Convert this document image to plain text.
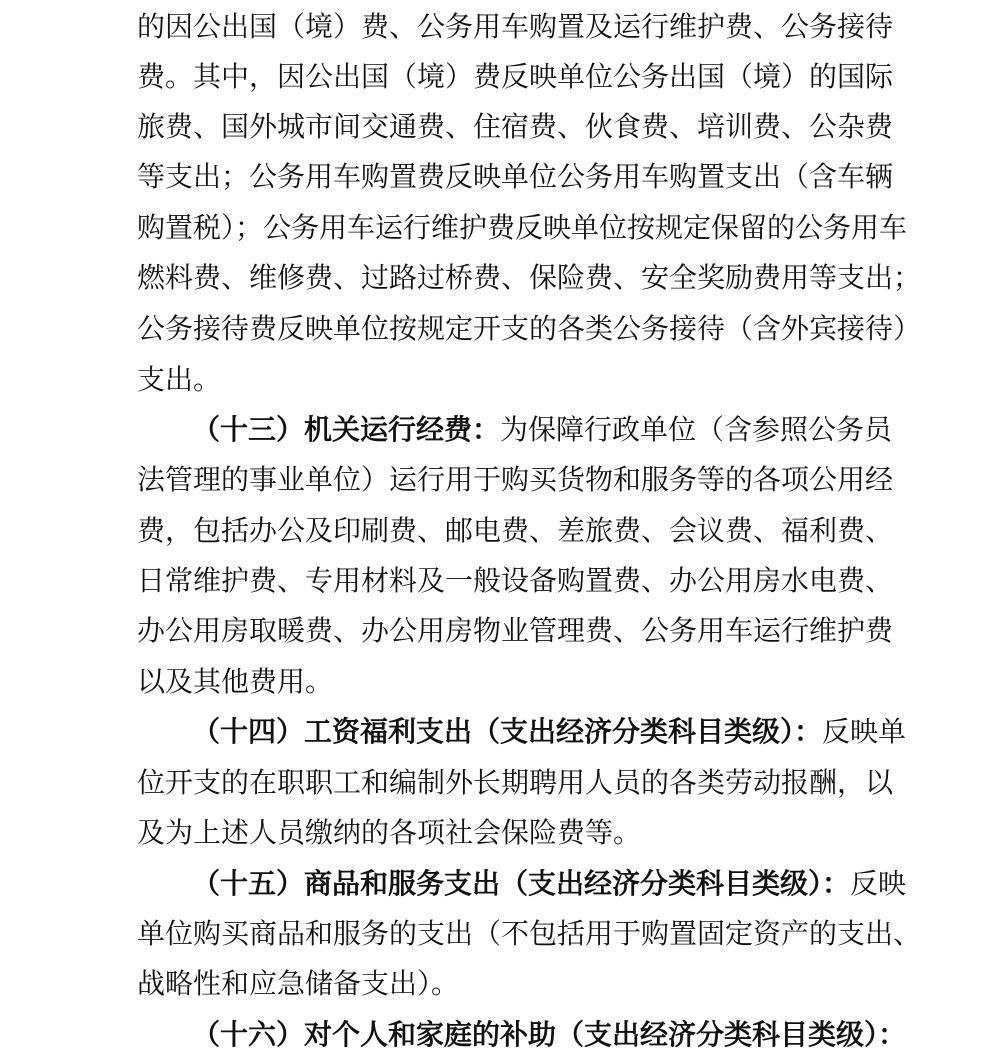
的因公出国（境）费、公务用车购置及运行维护费、公务接待

费。其中，因公出国（境）费反映单位公务出国（境）的国际

旅费、国外城市间交通费、住宿费、伙食费、培训费、公杂费

等支出；公务用车购置费反映单位公务用车购置支出（含车辆

购置税）；公务用车运行维护费反映单位按规定保留的公务用车

燃料费、维修费、过路过桥费、保险费、安全奖励费用等支出；

公务接待费反映单位按规定开支的各类公务接待（含外宾接待）

支出。

（十三）机关运行经费：为保障行政单位（含参照公务员

法管理的事业单位）运行用于购买货物和服务等的各项公用经

费，包括办公及印刷费、邮电费、差旅费、会议费、福利费、

日常维护费、专用材料及一般设备购置费、办公用房水电费、

办公用房取暖费、办公用房物业管理费、公务用车运行维护费

以及其他费用。

（十四）工资福利支出（支出经济分类科目类级）：反映单

位开支的在职职工和编制外长期聘用人员的各类劳动报酬，以

及为上述人员缴纳的各项社会保险费等。

（十五）商品和服务支出（支出经济分类科目类级）：反映

单位购买商品和服务的支出（不包括用于购置固定资产的支出、

战略性和应急储备支出）。

（十六）对个人和家庭的补助（支出经济分类科目类级）：
